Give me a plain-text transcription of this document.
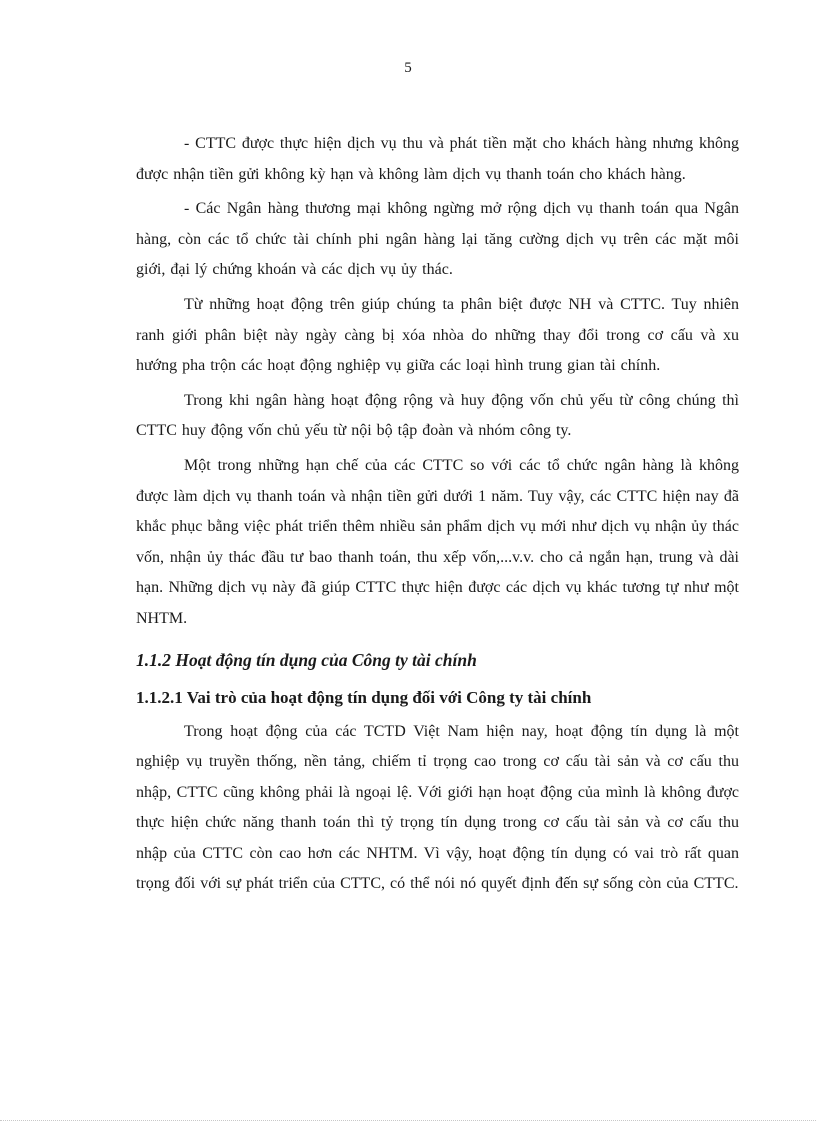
5

- CTTC được thực hiện dịch vụ thu và phát tiền mặt cho khách hàng nhưng không được nhận tiền gửi không kỳ hạn và không làm dịch vụ thanh toán cho khách hàng.

- Các Ngân hàng thương mại không ngừng mở rộng dịch vụ thanh toán qua Ngân hàng, còn các tổ chức tài chính phi ngân hàng lại tăng cường dịch vụ trên các mặt môi giới, đại lý chứng khoán và các dịch vụ ủy thác.

Từ những hoạt động trên giúp chúng ta phân biệt được NH và CTTC. Tuy nhiên ranh giới phân biệt này ngày càng bị xóa nhòa do những thay đổi trong cơ cấu và xu hướng pha trộn các hoạt động nghiệp vụ giữa các loại hình trung gian tài chính.

Trong khi ngân hàng hoạt động rộng và huy động vốn chủ yếu từ công chúng thì CTTC huy động vốn chủ yếu từ nội bộ tập đoàn và nhóm công ty.

Một trong những hạn chế của các CTTC so với các tổ chức ngân hàng là không được làm dịch vụ thanh toán và nhận tiền gửi dưới 1 năm. Tuy vậy, các CTTC hiện nay đã khắc phục bằng việc phát triển thêm nhiều sản phẩm dịch vụ mới như dịch vụ nhận ủy thác vốn, nhận ủy thác đầu tư bao thanh toán, thu xếp vốn,...v.v. cho cả ngắn hạn, trung và dài hạn. Những dịch vụ này đã giúp CTTC thực hiện được các dịch vụ khác tương tự như một NHTM.

1.1.2 Hoạt động tín dụng của Công ty tài chính
1.1.2.1 Vai trò của hoạt động tín dụng đối với Công ty tài chính

Trong hoạt động của các TCTD Việt Nam hiện nay, hoạt động tín dụng là một nghiệp vụ truyền thống, nền tảng, chiếm tỉ trọng cao trong cơ cấu tài sản và cơ cấu thu nhập, CTTC cũng không phải là ngoại lệ. Với giới hạn hoạt động của mình là không được thực hiện chức năng thanh toán thì tỷ trọng tín dụng trong cơ cấu tài sản và cơ cấu thu nhập của CTTC còn cao hơn các NHTM. Vì vậy, hoạt động tín dụng có vai trò rất quan trọng đối với sự phát triển của CTTC, có thể nói nó quyết định đến sự sống còn của CTTC.
